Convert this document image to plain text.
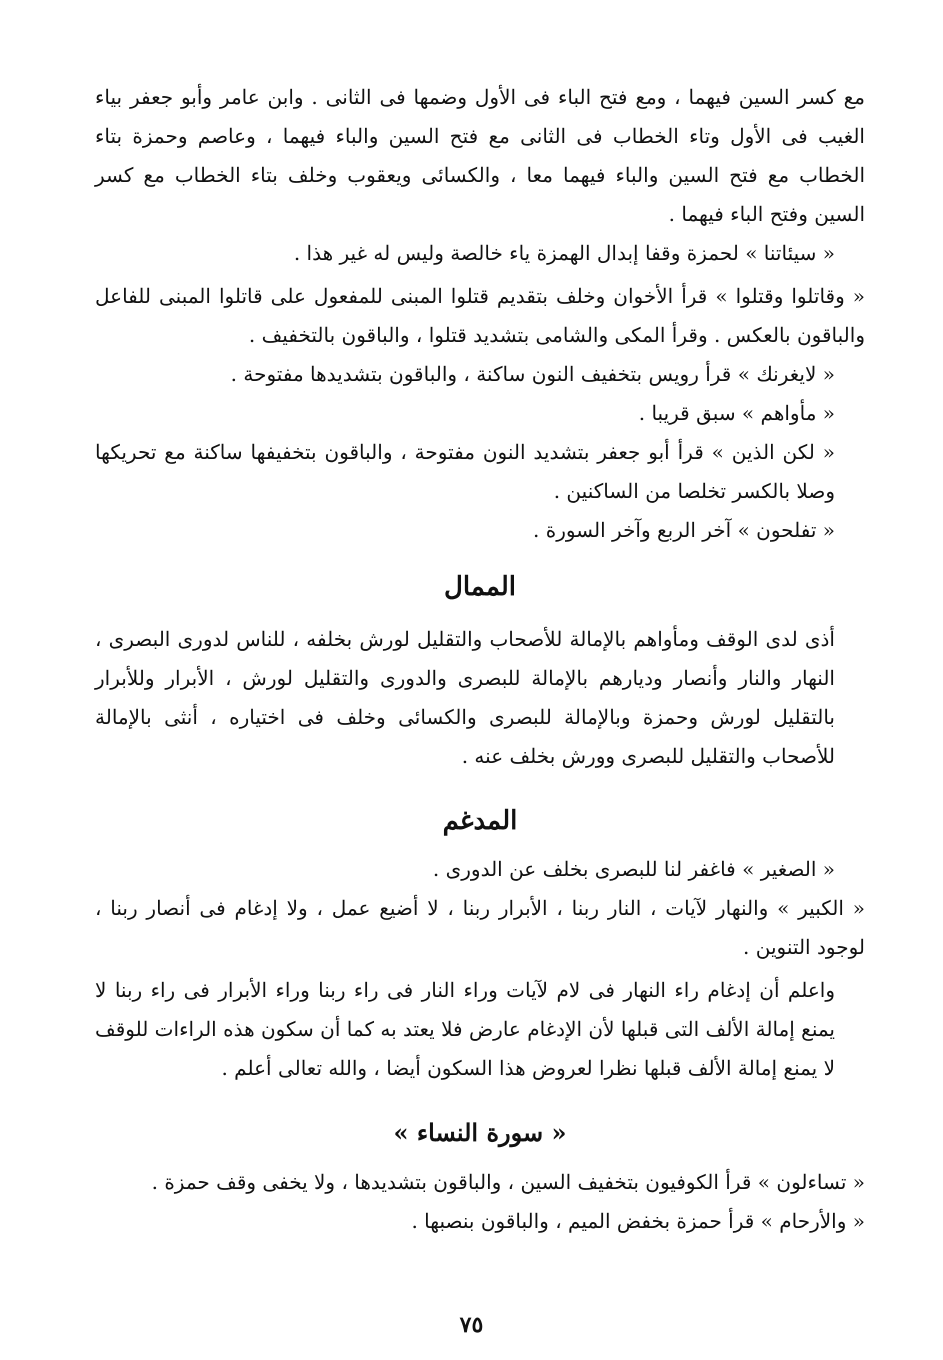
مع كسر السين فيهما ، ومع فتح الباء فى الأول وضمها فى الثانى . وابن عامر وأبو جعفر بياء الغيب فى الأول وتاء الخطاب فى الثانى مع فتح السين والباء فيهما ، وعاصم وحمزة بتاء الخطاب مع فتح السين والباء فيهما معا ، والكسائى ويعقوب وخلف بتاء الخطاب مع كسر السين وفتح الباء فيهما .

« سيئاتنا » لحمزة وقفا إبدال الهمزة ياء خالصة وليس له غير هذا .

« وقاتلوا وقتلوا » قرأ الأخوان وخلف بتقديم قتلوا المبنى للمفعول على قاتلوا المبنى للفاعل والباقون بالعكس . وقرأ المكى والشامى بتشديد قتلوا ، والباقون بالتخفيف .

« لايغرنك » قرأ رويس بتخفيف النون ساكنة ، والباقون بتشديدها مفتوحة .

« مأواهم » سبق قريبا .

« لكن الذين » قرأ أبو جعفر بتشديد النون مفتوحة ، والباقون بتخفيفها ساكنة مع تحريكها وصلا بالكسر تخلصا من الساكنين .

« تفلحون » آخر الربع وآخر السورة .

الممال

أذى لدى الوقف ومأواهم بالإمالة للأصحاب والتقليل لورش بخلفه ، للناس لدورى البصرى ، النهار والنار وأنصار وديارهم بالإمالة للبصرى والدورى والتقليل لورش ، الأبرار وللأبرار بالتقليل لورش وحمزة وبالإمالة للبصرى والكسائى وخلف فى اختياره ، أنثى بالإمالة للأصحاب والتقليل للبصرى وورش بخلف عنه .

المدغم

« الصغير » فاغفر لنا للبصرى بخلف عن الدورى .

« الكبير » والنهار لآيات ، النار ربنا ، الأبرار ربنا ، لا أضيع عمل ، ولا إدغام فى أنصار ربنا ، لوجود التنوين .

واعلم أن إدغام راء النهار فى لام لآيات وراء النار فى راء ربنا وراء الأبرار فى راء ربنا لا يمنع إمالة الألف التى قبلها لأن الإدغام عارض فلا يعتد به كما أن سكون هذه الراءات للوقف لا يمنع إمالة الألف قبلها نظرا لعروض هذا السكون أيضا ، والله تعالى أعلم .

« سورة النساء »

« تساءلون » قرأ الكوفيون بتخفيف السين ، والباقون بتشديدها ، ولا يخفى وقف حمزة .

« والأرحام » قرأ حمزة بخفض الميم ، والباقون بنصبها .

٧٥
